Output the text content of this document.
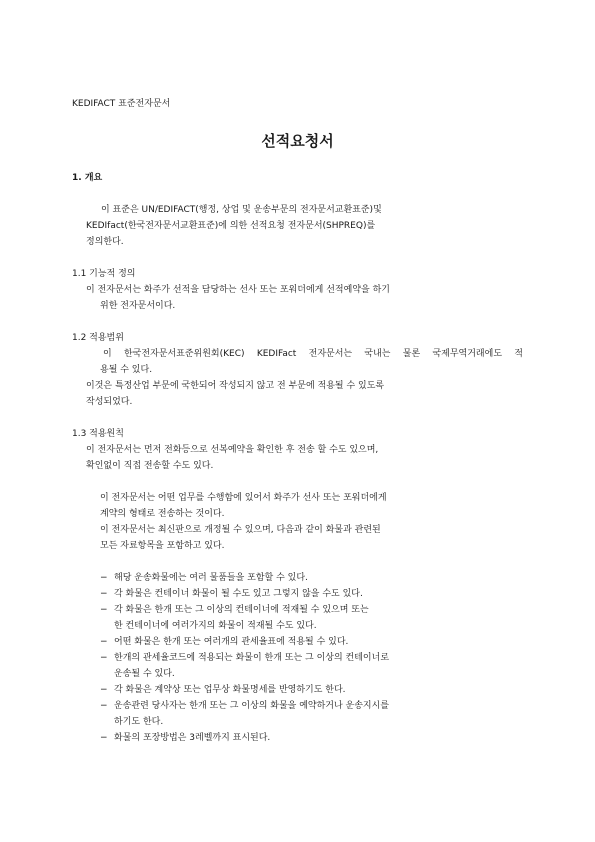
KEDIFACT 표준전자문서
선적요청서
1. 개요
이 표준은 UN/EDIFACT(행정, 상업 및 운송부문의 전자문서교환표준)및
KEDIfact(한국전자문서교환표준)에 의한 선적요청 전자문서(SHPREQ)를
정의한다.
1.1 기능적 정의
이 전자문서는 화주가 선적을 담당하는 선사 또는 포워더에게 선적예약을 하기
위한 전자문서이다.
1.2 적용범위
이 한국전자문서표준위원회(KEC) KEDIFact 전자문서는 국내는 물론 국제무역거래에도 적
용될 수 있다.
이것은 특정산업 부문에 국한되어 작성되지 않고 전 부문에 적용될 수 있도록
작성되었다.
1.3 적용원칙
이 전자문서는 먼저 전화등으로 선복예약을 확인한 후 전송 할 수도 있으며,
확인없이 직접 전송할 수도 있다.
이 전자문서는 어떤 업무를 수행함에 있어서 화주가 선사 또는 포워더에게
계약의 형태로 전송하는 것이다.
이 전자문서는 최신판으로 개정될 수 있으며, 다음과 같이 화물과 관련된
모든 자료항목을 포함하고 있다.
− 해당 운송화물에는 여러 물품들을 포함할 수 있다.
− 각 화물은 컨테이너 화물이 될 수도 있고 그렇지 않을 수도 있다.
− 각 화물은 한개 또는 그 이상의 컨테이너에 적재될 수 있으며 또는
한 컨테이너에 여러가지의 화물이 적재될 수도 있다.
− 어떤 화물은 한개 또는 여러개의 관세율표에 적용될 수 있다.
− 한개의 관세율코드에 적용되는 화물이 한개 또는 그 이상의 컨테이너로
운송될 수 있다.
− 각 화물은 계약상 또는 업무상 화물명세를 반영하기도 한다.
− 운송관련 당사자는 한개 또는 그 이상의 화물을 예약하거나 운송지시를
하기도 한다.
− 화물의 포장방법은 3레벨까지 표시된다.
